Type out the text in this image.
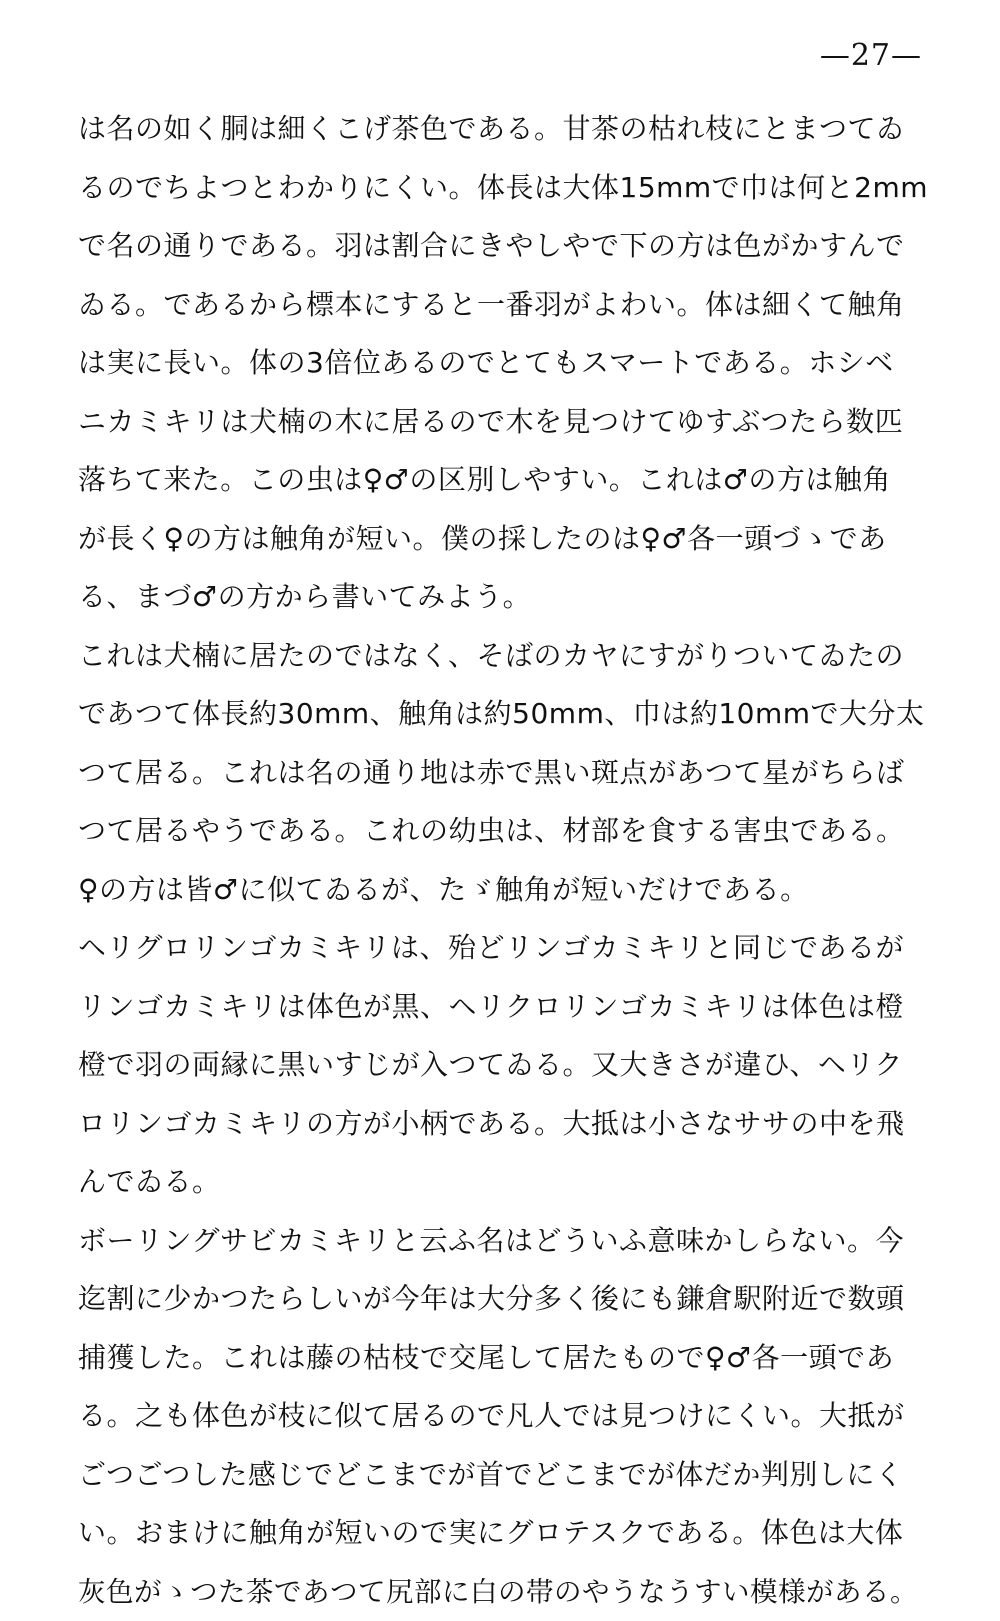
—27—
は名の如く胴は細くこげ茶色である。甘茶の枯れ枝にとまつてゐ
るのでちよつとわかりにくい。体長は大体15mmで巾は何と2mm
で名の通りである。羽は割合にきやしやで下の方は色がかすんで
ゐる。であるから標本にすると一番羽がよわい。体は細くて触角
は実に長い。体の3倍位あるのでとてもスマートである。ホシベ
ニカミキリは犬楠の木に居るので木を見つけてゆすぶつたら数匹
落ちて来た。この虫は♀♂の区別しやすい。これは♂の方は触角
が長く♀の方は触角が短い。僕の採したのは♀♂各一頭づゝであ
る、まづ♂の方から書いてみよう。
これは犬楠に居たのではなく、そばのカヤにすがりついてゐたの
であつて体長約30mm、触角は約50mm、巾は約10mmで大分太
つて居る。これは名の通り地は赤で黒い斑点があつて星がちらば
つて居るやうである。これの幼虫は、材部を食する害虫である。
♀の方は皆♂に似てゐるが、たゞ触角が短いだけである。
ヘリグロリンゴカミキリは、殆どリンゴカミキリと同じであるが
リンゴカミキリは体色が黒、ヘリクロリンゴカミキリは体色は橙
橙で羽の両縁に黒いすじが入つてゐる。又大きさが違ひ、ヘリク
ロリンゴカミキリの方が小柄である。大抵は小さなササの中を飛
んでゐる。
ボーリングサビカミキリと云ふ名はどういふ意味かしらない。今
迄割に少かつたらしいが今年は大分多く後にも鎌倉駅附近で数頭
捕獲した。これは藤の枯枝で交尾して居たもので♀♂各一頭であ
る。之も体色が枝に似て居るので凡人では見つけにくい。大抵が
ごつごつした感じでどこまでが首でどこまでが体だか判別しにく
い。おまけに触角が短いので実にグロテスクである。体色は大体
灰色がゝつた茶であつて尻部に白の帯のやうなうすい模様がある。
